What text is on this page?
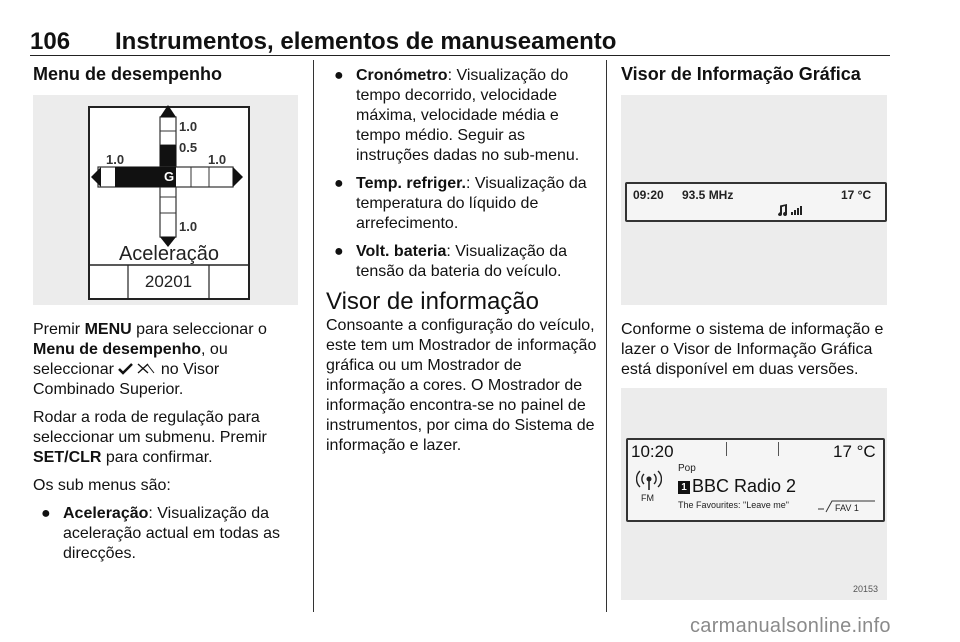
106 Instrumentos, elementos de manuseamento
Menu de desempenho
1.0
0.5
1.0	1.0
1.0
G
Aceleração
20201

Premir MENU para seleccionar o Menu de desempenho, ou seleccionar  no Visor Combinado Superior.

Rodar a roda de regulação para seleccionar um submenu. Premir SET/CLR para confirmar.

Os sub menus são:

● Aceleração: Visualização da aceleração actual em todas as direcções.
● Cronómetro: Visualização do tempo decorrido, velocidade máxima, velocidade média e tempo médio. Seguir as instruções dadas no sub-menu.
● Temp. refriger.: Visualização da temperatura do líquido de arrefecimento.
● Volt. bateria: Visualização da tensão da bateria do veículo.
Visor de informação

Consoante a configuração do veículo, este tem um Mostrador de informação gráfica ou um Mostrador de informação a cores. O Mostrador de informação encontra-se no painel de instrumentos, por cima do Sistema de informação e lazer.

Visor de Informação Gráfica
09:20 93.5 MHz	17 °C
Conforme o sistema de informação e lazer o Visor de Informação Gráfica está disponível em duas versões.
10:20	17 °C
FM
Pop
1 BBC Radio 2
The Favourites: "Leave me"	FAV 1
20153
carmanualsonline.info
